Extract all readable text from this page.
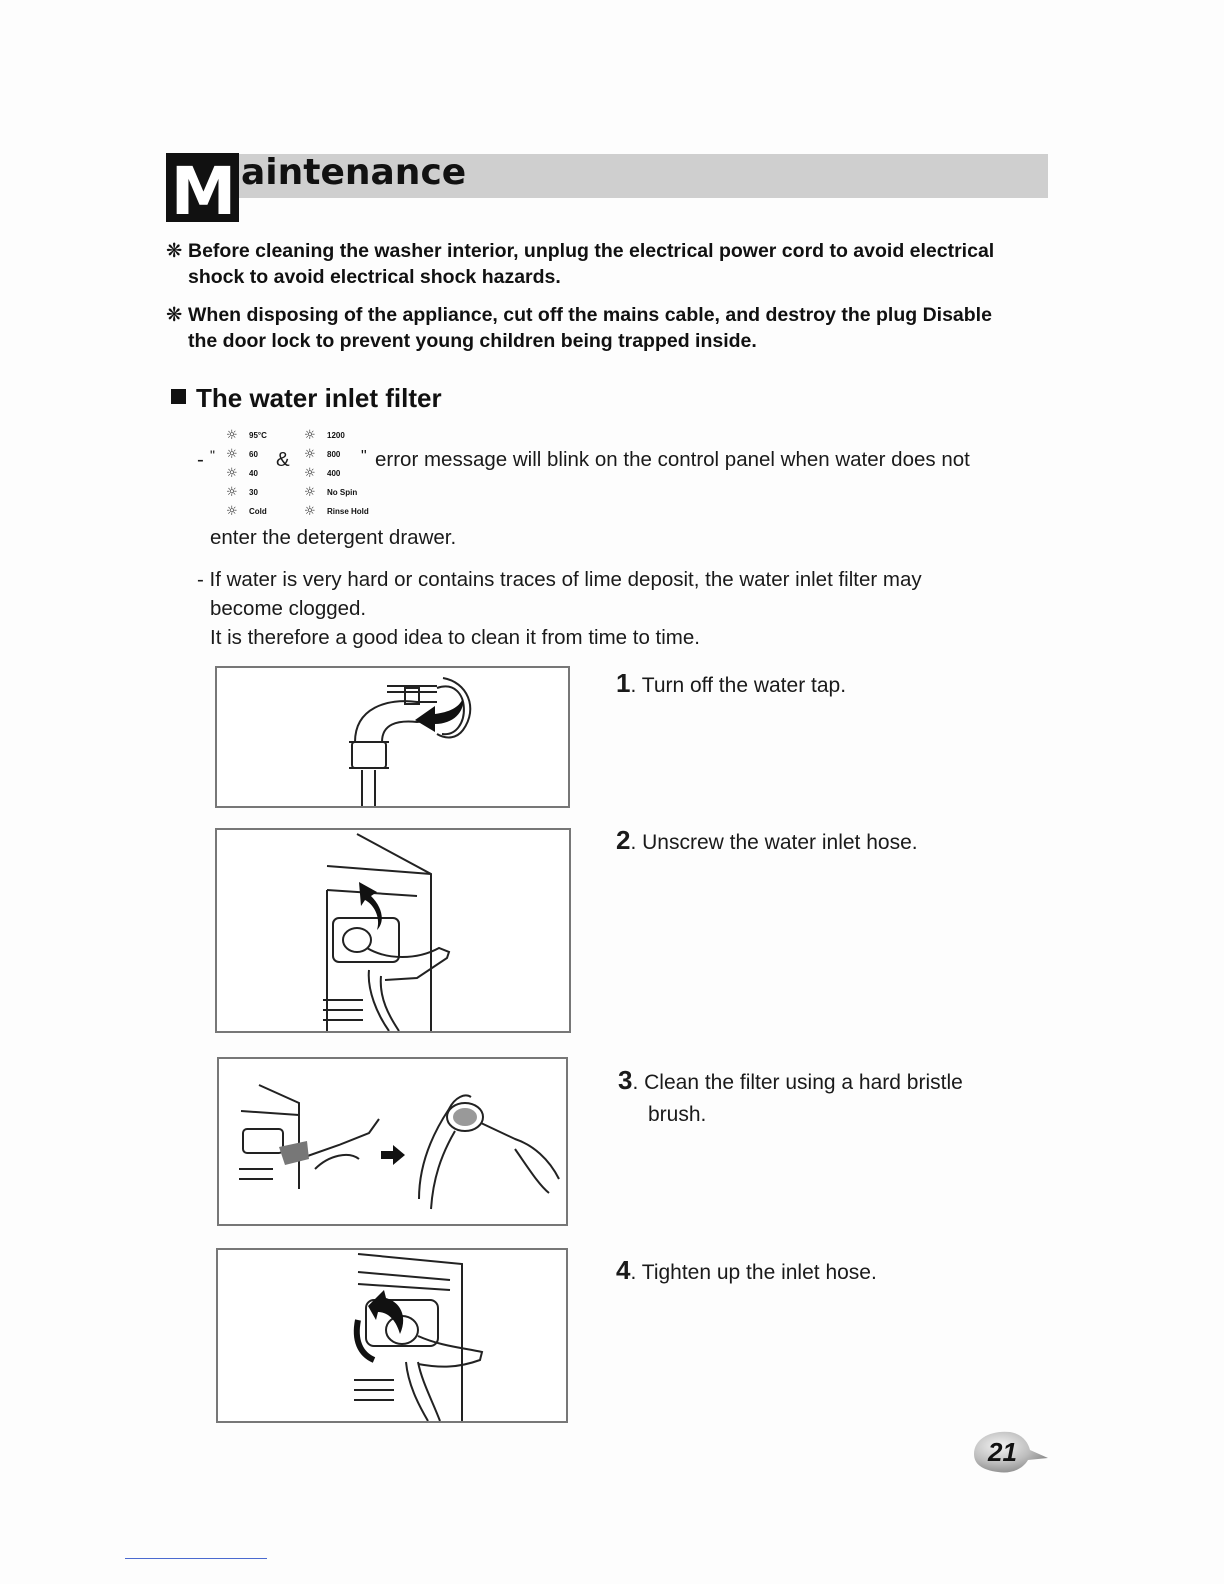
M aintenance
❋ Before cleaning the washer interior, unplug the electrical power cord to avoid electrical
shock to avoid electrical shock hazards.
❋ When disposing of the appliance, cut off the mains cable, and destroy the plug Disable
the door lock to prevent young children being trapped inside.
The water inlet filter
- "
☼ 95°C
☼ 60
☼ 40
☼ 30
☼ Cold
&
☼ 1200
☼ 800
☼ 400
☼ No Spin
☼ Rinse Hold
" error message will blink on the control panel when water does not
enter the detergent drawer.
- If water is very hard or contains traces of lime deposit, the water inlet filter may
become clogged.
It is therefore a good idea to clean it from time to time.
1. Turn off the water tap.
2. Unscrew the water inlet hose.
3. Clean the filter using a hard bristle
brush.
4. Tighten up the inlet hose.
21
